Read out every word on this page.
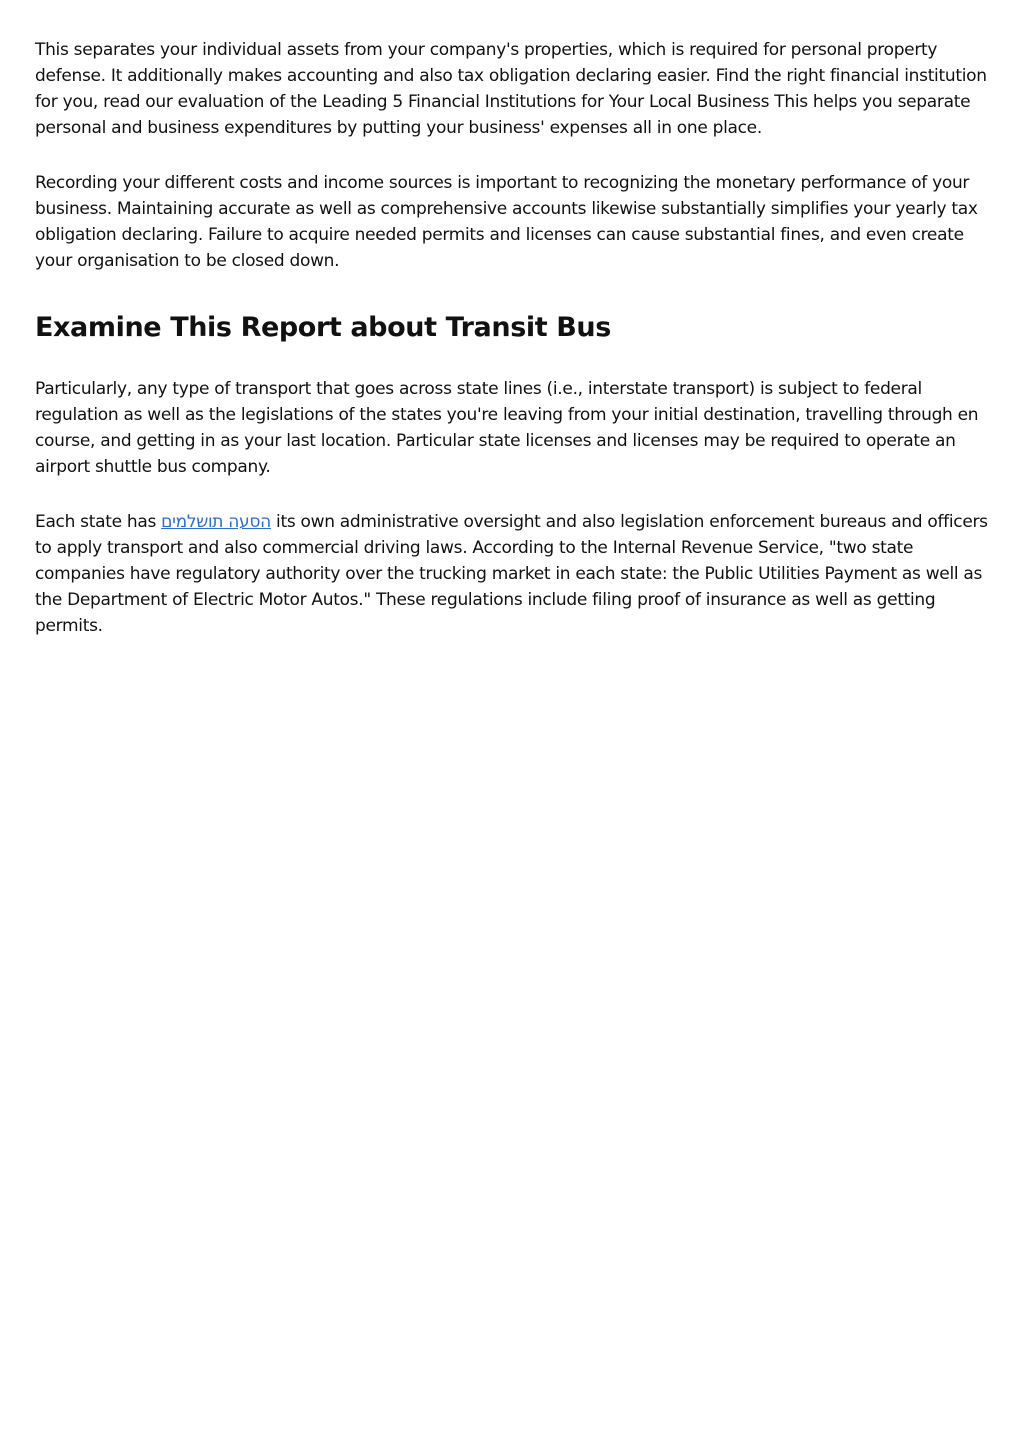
This separates your individual assets from your company's properties, which is required for personal property defense. It additionally makes accounting and also tax obligation declaring easier. Find the right financial institution for you, read our evaluation of the Leading 5 Financial Institutions for Your Local Business This helps you separate personal and business expenditures by putting your business' expenses all in one place.

Recording your different costs and income sources is important to recognizing the monetary performance of your business. Maintaining accurate as well as comprehensive accounts likewise substantially simplifies your yearly tax obligation declaring. Failure to acquire needed permits and licenses can cause substantial fines, and even create your organisation to be closed down.

Examine This Report about Transit Bus

Particularly, any type of transport that goes across state lines (i.e., interstate transport) is subject to federal regulation as well as the legislations of the states you're leaving from your initial destination, travelling through en course, and getting in as your last location. Particular state licenses and licenses may be required to operate an airport shuttle bus company.

Each state has הסעה תושלמים its own administrative oversight and also legislation enforcement bureaus and officers to apply transport and also commercial driving laws. According to the Internal Revenue Service, "two state companies have regulatory authority over the trucking market in each state: the Public Utilities Payment as well as the Department of Electric Motor Autos." These regulations include filing proof of insurance as well as getting permits.
